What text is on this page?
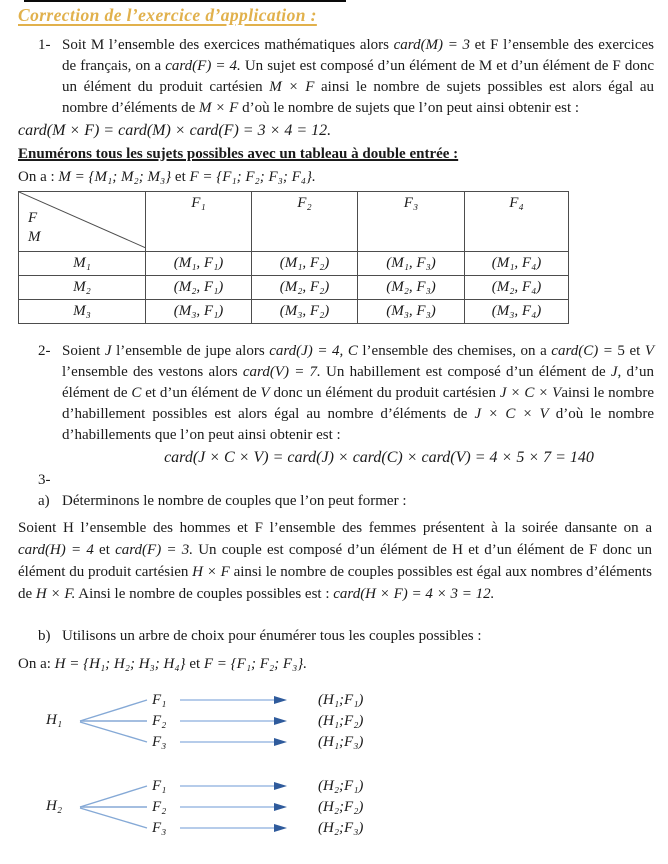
Correction de l’exercice d’application :
1- Soit M l’ensemble des exercices mathématiques alors card(M) = 3 et F l’ensemble des exercices de français, on a card(F) = 4. Un sujet est composé d’un élément de M et d’un élément de F donc un élément du produit cartésien M × F ainsi le nombre de sujets possibles est alors égal au nombre d’éléments de M × F d’où le nombre de sujets que l’on peut ainsi obtenir est :
card(M × F) = card(M) × card(F) = 3 × 4 = 12.
Enumérons tous les sujets possibles avec un tableau à double entrée :
On a : M = {M₁; M₂; M₃} et F = {F₁; F₂; F₃; F₄}.
F
M	F₁	F₂	F₃	F₄
M₁	(M₁, F₁)	(M₁, F₂)	(M₁, F₃)	(M₁, F₄)
M₂	(M₂, F₁)	(M₂, F₂)	(M₂, F₃)	(M₂, F₄)
M₃	(M₃, F₁)	(M₃, F₂)	(M₃, F₃)	(M₃, F₄)
2- Soient J l’ensemble de jupe alors card(J) = 4, C l’ensemble des chemises, on a card(C) = 5 et V l’ensemble des vestons alors card(V) = 7. Un habillement est composé d’un élément de J, d’un élément de C et d’un élément de V donc un élément du produit cartésien J × C × Vainsi le nombre d’habillement possibles est alors égal au nombre d’éléments de J × C × V d’où le nombre d’habillements que l’on peut ainsi obtenir est :
card(J × C × V) = card(J) × card(C) × card(V) = 4 × 5 × 7 = 140
3-
a) Déterminons le nombre de couples que l’on peut former :
Soient H l’ensemble des hommes et F l’ensemble des femmes présentent à la soirée dansante on a card(H) = 4 et card(F) = 3. Un couple est composé d’un élément de H et d’un élément de F donc un élément du produit cartésien H × F ainsi le nombre de couples possibles est égal aux nombres d’éléments de H × F. Ainsi le nombre de couples possibles est : card(H × F) = 4 × 3 = 12.
b) Utilisons un arbre de choix pour énumérer tous les couples possibles :
On a: H = {H₁; H₂; H₃; H₄} et F = {F₁; F₂; F₃}.
H₁
F₁
F₂
F₃
(H₁;F₁)
(H₁;F₂)
(H₁;F₃)
H₂
F₁
F₂
F₃
(H₂;F₁)
(H₂;F₂)
(H₂;F₃)
